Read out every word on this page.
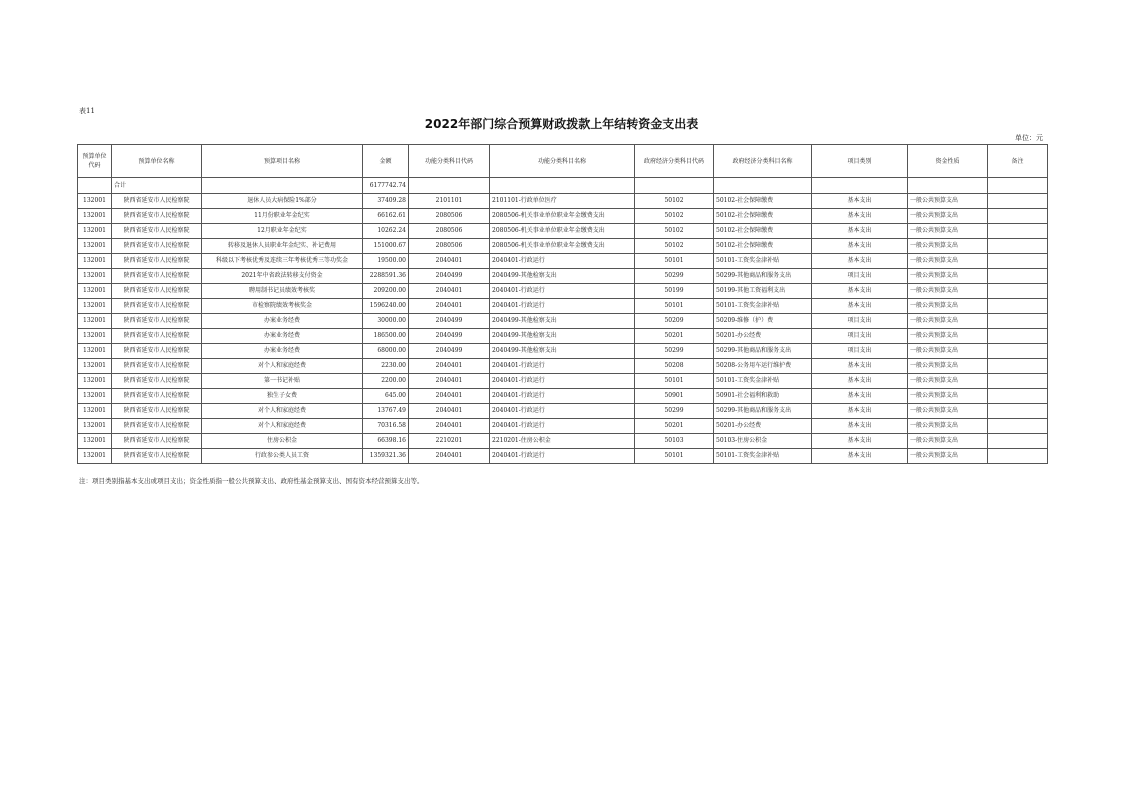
表11
2022年部门综合预算财政拨款上年结转资金支出表
单位：元
预算单位代码	预算单位名称	预算项目名称	金额	功能分类科目代码	功能分类科目名称	政府经济分类科目代码	政府经济分类科目名称	项目类别	资金性质	备注
	合计		6177742.74							
132001	陕西省延安市人民检察院	退休人员大病保险1%部分	37409.28	2101101	2101101-行政单位医疗	50102	50102-社会保障缴费	基本支出	一般公共预算支出	
132001	陕西省延安市人民检察院	11月份职业年金纪实	66162.61	2080506	2080506-机关事业单位职业年金缴费支出	50102	50102-社会保障缴费	基本支出	一般公共预算支出	
132001	陕西省延安市人民检察院	12月职业年金纪实	10262.24	2080506	2080506-机关事业单位职业年金缴费支出	50102	50102-社会保障缴费	基本支出	一般公共预算支出	
132001	陕西省延安市人民检察院	转移及退休人员职业年金纪实、补记费用	151000.67	2080506	2080506-机关事业单位职业年金缴费支出	50102	50102-社会保障缴费	基本支出	一般公共预算支出	
132001	陕西省延安市人民检察院	科级以下考核优秀及连续三年考核优秀三等功奖金	19500.00	2040401	2040401-行政运行	50101	50101-工资奖金津补贴	基本支出	一般公共预算支出	
132001	陕西省延安市人民检察院	2021年中省政法转移支付资金	2288591.36	2040499	2040499-其他检察支出	50299	50299-其他商品和服务支出	项目支出	一般公共预算支出	
132001	陕西省延安市人民检察院	聘用制书记员绩效考核奖	209200.00	2040401	2040401-行政运行	50199	50199-其他工资福利支出	基本支出	一般公共预算支出	
132001	陕西省延安市人民检察院	市检察院绩效考核奖金	1596240.00	2040401	2040401-行政运行	50101	50101-工资奖金津补贴	基本支出	一般公共预算支出	
132001	陕西省延安市人民检察院	办案业务经费	30000.00	2040499	2040499-其他检察支出	50209	50209-维修（护）费	项目支出	一般公共预算支出	
132001	陕西省延安市人民检察院	办案业务经费	186500.00	2040499	2040499-其他检察支出	50201	50201-办公经费	项目支出	一般公共预算支出	
132001	陕西省延安市人民检察院	办案业务经费	68000.00	2040499	2040499-其他检察支出	50299	50299-其他商品和服务支出	项目支出	一般公共预算支出	
132001	陕西省延安市人民检察院	对个人和家庭经费	2230.00	2040401	2040401-行政运行	50208	50208-公务用车运行维护费	基本支出	一般公共预算支出	
132001	陕西省延安市人民检察院	第一书记补贴	2200.00	2040401	2040401-行政运行	50101	50101-工资奖金津补贴	基本支出	一般公共预算支出	
132001	陕西省延安市人民检察院	独生子女费	645.00	2040401	2040401-行政运行	50901	50901-社会福利和救助	基本支出	一般公共预算支出	
132001	陕西省延安市人民检察院	对个人和家庭经费	13767.49	2040401	2040401-行政运行	50299	50299-其他商品和服务支出	基本支出	一般公共预算支出	
132001	陕西省延安市人民检察院	对个人和家庭经费	70316.58	2040401	2040401-行政运行	50201	50201-办公经费	基本支出	一般公共预算支出	
132001	陕西省延安市人民检察院	住房公积金	66398.16	2210201	2210201-住房公积金	50103	50103-住房公积金	基本支出	一般公共预算支出	
132001	陕西省延安市人民检察院	行政参公类人员工资	1359321.36	2040401	2040401-行政运行	50101	50101-工资奖金津补贴	基本支出	一般公共预算支出	
注：项目类别指基本支出或项目支出；资金性质指一般公共预算支出、政府性基金预算支出、国有资本经营预算支出等。
